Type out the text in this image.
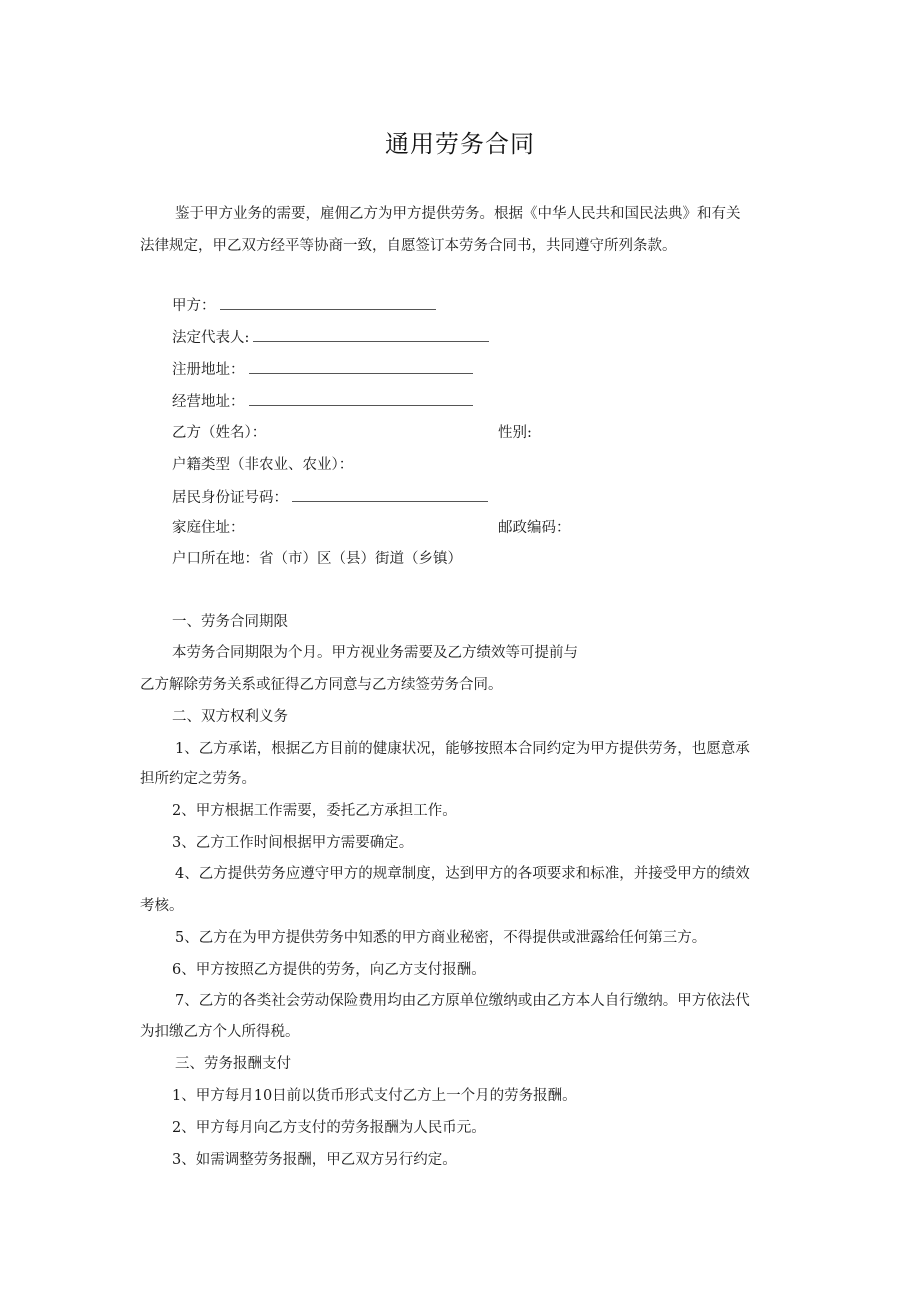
通用劳务合同
鉴于甲方业务的需要，雇佣乙方为甲方提供劳务。根据《中华人民共和国民法典》和有关
法律规定，甲乙双方经平等协商一致，自愿签订本劳务合同书，共同遵守所列条款。
甲方：
法定代表人:
注册地址：
经营地址：
乙方（姓名）：	性别:
户籍类型（非农业、农业）：
居民身份证号码：
家庭住址：	邮政编码：
户口所在地：省（市）区（县）街道（乡镇）
一、劳务合同期限
本劳务合同期限为个月。甲方视业务需要及乙方绩效等可提前与
乙方解除劳务关系或征得乙方同意与乙方续签劳务合同。
二、双方权利义务
1、乙方承诺，根据乙方目前的健康状况，能够按照本合同约定为甲方提供劳务，也愿意承
担所约定之劳务。
2、甲方根据工作需要，委托乙方承担工作。
3、乙方工作时间根据甲方需要确定。
4、乙方提供劳务应遵守甲方的规章制度，达到甲方的各项要求和标准，并接受甲方的绩效
考核。
5、乙方在为甲方提供劳务中知悉的甲方商业秘密，不得提供或泄露给任何第三方。
6、甲方按照乙方提供的劳务，向乙方支付报酬。
7、乙方的各类社会劳动保险费用均由乙方原单位缴纳或由乙方本人自行缴纳。甲方依法代
为扣缴乙方个人所得税。
三、劳务报酬支付
1、甲方每月10日前以货币形式支付乙方上一个月的劳务报酬。
2、甲方每月向乙方支付的劳务报酬为人民币元。
3、如需调整劳务报酬，甲乙双方另行约定。
